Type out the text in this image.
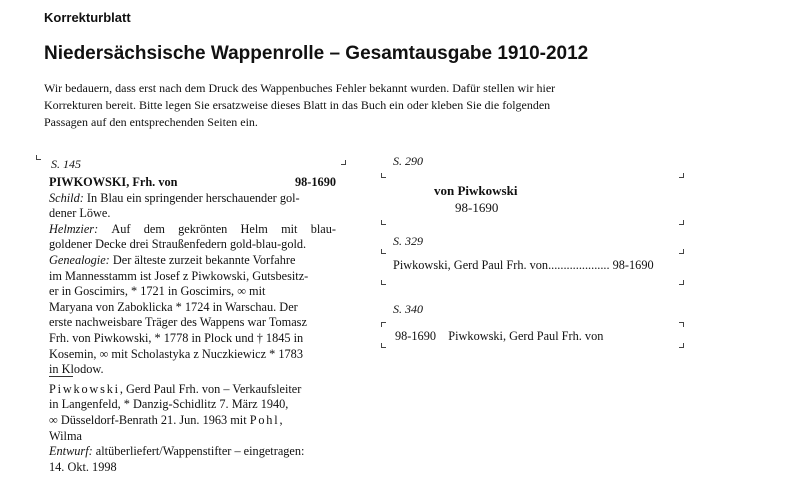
Korrekturblatt
Niedersächsische Wappenrolle – Gesamtausgabe 1910-2012
Wir bedauern, dass erst nach dem Druck des Wappenbuches Fehler bekannt wurden. Dafür stellen wir hier
Korrekturen bereit. Bitte legen Sie ersatzweise dieses Blatt in das Buch ein oder kleben Sie die folgenden
Passagen auf den entsprechenden Seiten ein.
S. 145
PIWKOWSKI, Frh. von	98-1690
Schild: In Blau ein springender herschauender gol-
dener Löwe.
Helmzier: Auf dem gekrönten Helm mit blau-
goldener Decke drei Straußenfedern gold-blau-gold.
Genealogie: Der älteste zurzeit bekannte Vorfahre
im Mannesstamm ist Josef z Piwkowski, Gutsbesitz-
er in Goscimirs, * 1721 in Goscimirs, ∞ mit
Maryana von Zaboklicka * 1724 in Warschau. Der
erste nachweisbare Träger des Wappens war Tomasz
Frh. von Piwkowski, * 1778 in Plock und † 1845 in
Kosemin, ∞ mit Scholastyka z Nuczkiewicz * 1783
in Klodow.
Piwkowski, Gerd Paul Frh. von – Verkaufsleiter
in Langenfeld, * Danzig-Schidlitz 7. März 1940,
∞ Düsseldorf-Benrath 21. Jun. 1963 mit Pohl,
Wilma
Entwurf: altüberliefert/Wappenstifter – eingetragen:
14. Okt. 1998
S. 290
von Piwkowski
98-1690
S. 329
Piwkowski, Gerd Paul Frh. von.................... 98-1690
S. 340
98-1690    Piwkowski, Gerd Paul Frh. von
